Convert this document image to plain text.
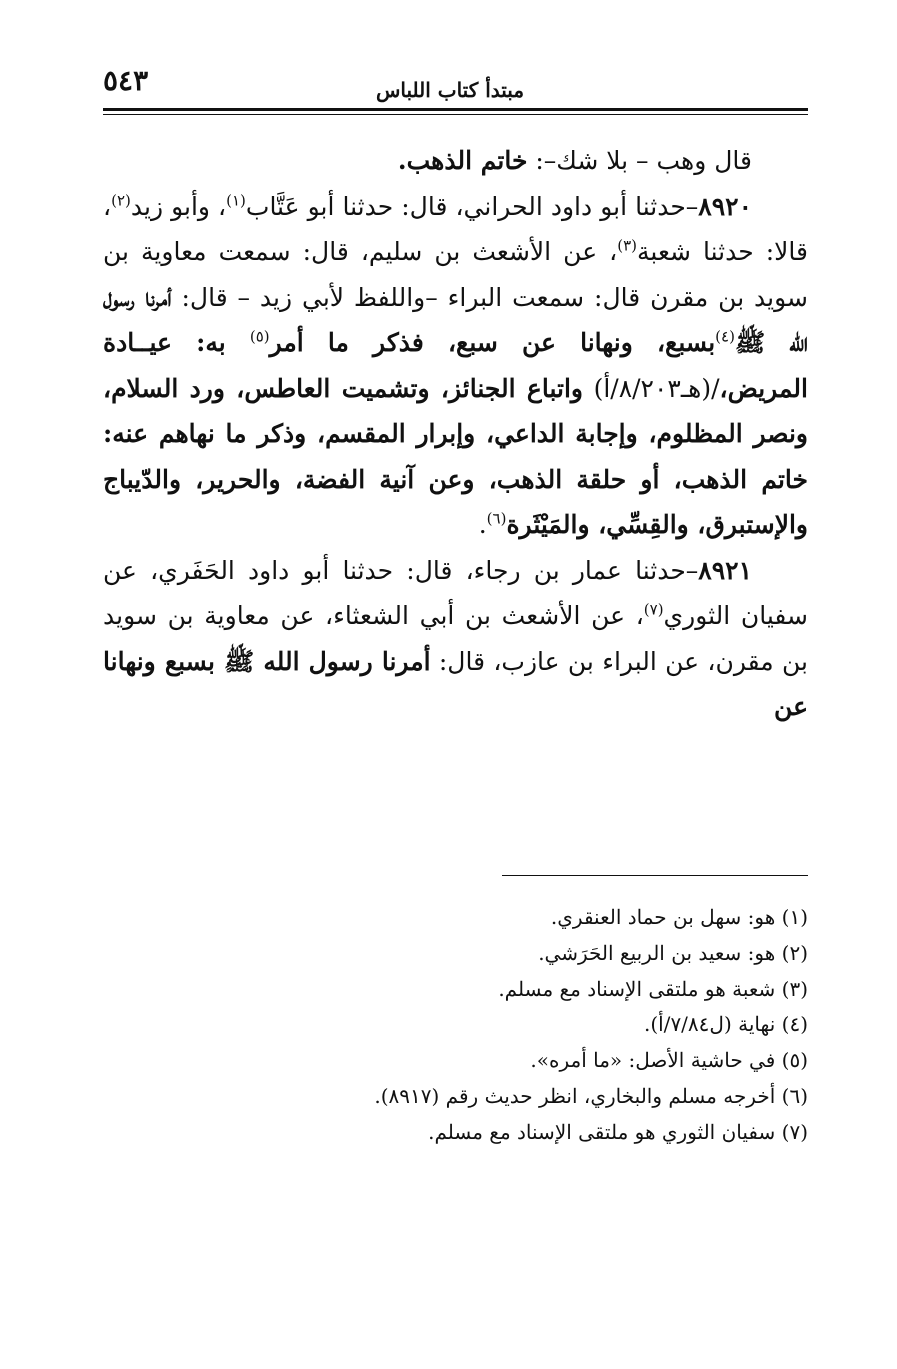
٥٤٣	مبتدأ كتاب اللباس

قال وهب – بلا شك–: خاتم الذهب.

٨٩٢٠–حدثنا أبو داود الحراني، قال: حدثنا أبو عَتَّاب$^{(١)}$، وأبو زيد$^{(٢)}$، قالا: حدثنا شعبة$^{(٣)}$، عن الأشعث بن سليم، قال: سمعت معاوية بن سويد بن مقرن قال: سمعت البراء –واللفظ لأبي زيد – قال: أمرنا رسول الله ﷺ$^{(٤)}$بسبع، ونهانا عن سبع، فذكر ما أمر$^{(٥)}$ به: عيــادة المريض،/(هـ٨/٢٠٣/أ) واتباع الجنائز، وتشميت العاطس، ورد السلام، ونصر المظلوم، وإجابة الداعي، وإبرار المقسم، وذكر ما نهاهم عنه: خاتم الذهب، أو حلقة الذهب، وعن آنية الفضة، والحرير، والدّيباج والإستبرق، والقِسِّي، والمَيْثَرة$^{(٦)}$.

٨٩٢١–حدثنا عمار بن رجاء، قال: حدثنا أبو داود الحَفَري، عن سفيان الثوري$^{(٧)}$، عن الأشعث بن أبي الشعثاء، عن معاوية بن سويد بن مقرن، عن البراء بن عازب، قال: أمرنا رسول الله ﷺ بسبع ونهانا عن

(١) هو: سهل بن حماد العنقري.

(٢) هو: سعيد بن الربيع الحَرَشي.

(٣) شعبة هو ملتقى الإسناد مع مسلم.

(٤) نهاية (ل٧/٨٤/أ).

(٥) في حاشية الأصل: «ما أمره».

(٦) أخرجه مسلم والبخاري، انظر حديث رقم (٨٩١٧).

(٧) سفيان الثوري هو ملتقى الإسناد مع مسلم.
